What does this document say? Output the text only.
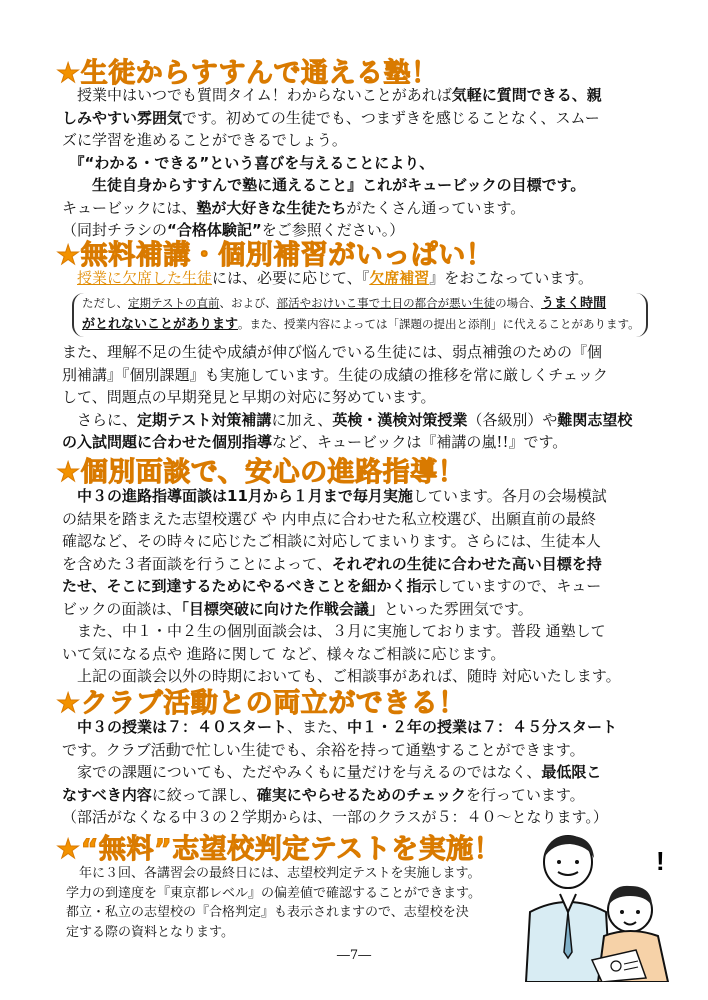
★生徒からすすんで通える塾！

　授業中はいつでも質問タイム！わからないことがあれば気軽に質問できる、親

しみやすい雰囲気です。初めての生徒でも、つまずきを感じることなく、スムー

ズに学習を進めることができるでしょう。

　『“わかる・できる”という喜びを与えることにより、

　　生徒自身からすすんで塾に通えること』これがキュービックの目標です。

キュービックには、塾が大好きな生徒たちがたくさん通っています。

（同封チラシの“合格体験記”をご参照ください。）

★無料補講・個別補習がいっぱい！

　授業に欠席した生徒には、必要に応じて、『欠席補習』をおこなっています。

ただし、定期テストの直前、および、部活やおけいこ事で土日の都合が悪い生徒の場合、うまく時間

がとれないことがあります。また、授業内容によっては「課題の提出と添削」に代えることがあります。

また、理解不足の生徒や成績が伸び悩んでいる生徒には、弱点補強のための『個

別補講』『個別課題』も実施しています。生徒の成績の推移を常に厳しくチェック

して、問題点の早期発見と早期の対応に努めています。

　さらに、定期テスト対策補講に加え、英検・漢検対策授業（各級別）や難関志望校

の入試問題に合わせた個別指導など、キュービックは『補講の嵐!!』です。

★個別面談で、安心の進路指導！

　中３の進路指導面談は11月から１月まで毎月実施しています。各月の会場模試

の結果を踏まえた志望校選び や 内申点に合わせた私立校選び、出願直前の最終

確認など、その時々に応じたご相談に対応してまいります。さらには、生徒本人

を含めた３者面談を行うことによって、それぞれの生徒に合わせた高い目標を持

たせ、そこに到達するためにやるべきことを細かく指示していますので、キュー

ビックの面談は、「目標突破に向けた作戦会議」といった雰囲気です。

　また、中１・中２生の個別面談会は、３月に実施しております。普段 通塾して

いて気になる点や 進路に関して など、様々なご相談に応じます。

　上記の面談会以外の時期においても、ご相談事があれば、随時 対応いたします。

★クラブ活動との両立ができる！

　中３の授業は７：４０スタート、また、中１・２年の授業は７：４５分スタート

です。クラブ活動で忙しい生徒でも、余裕を持って通塾することができます。

　家での課題についても、ただやみくもに量だけを与えるのではなく、最低限こ

なすべき内容に絞って課し、確実にやらせるためのチェックを行っています。

（部活がなくなる中３の２学期からは、一部のクラスが５：４０～となります。）

★“無料”志望校判定テストを実施！

　年に３回、各講習会の最終日には、志望校判定テストを実施します。

学力の到達度を『東京都レベル』の偏差値で確認することができます。

都立・私立の志望校の『合格判定』も表示されますので、志望校を決

定する際の資料となります。

!
―7―
